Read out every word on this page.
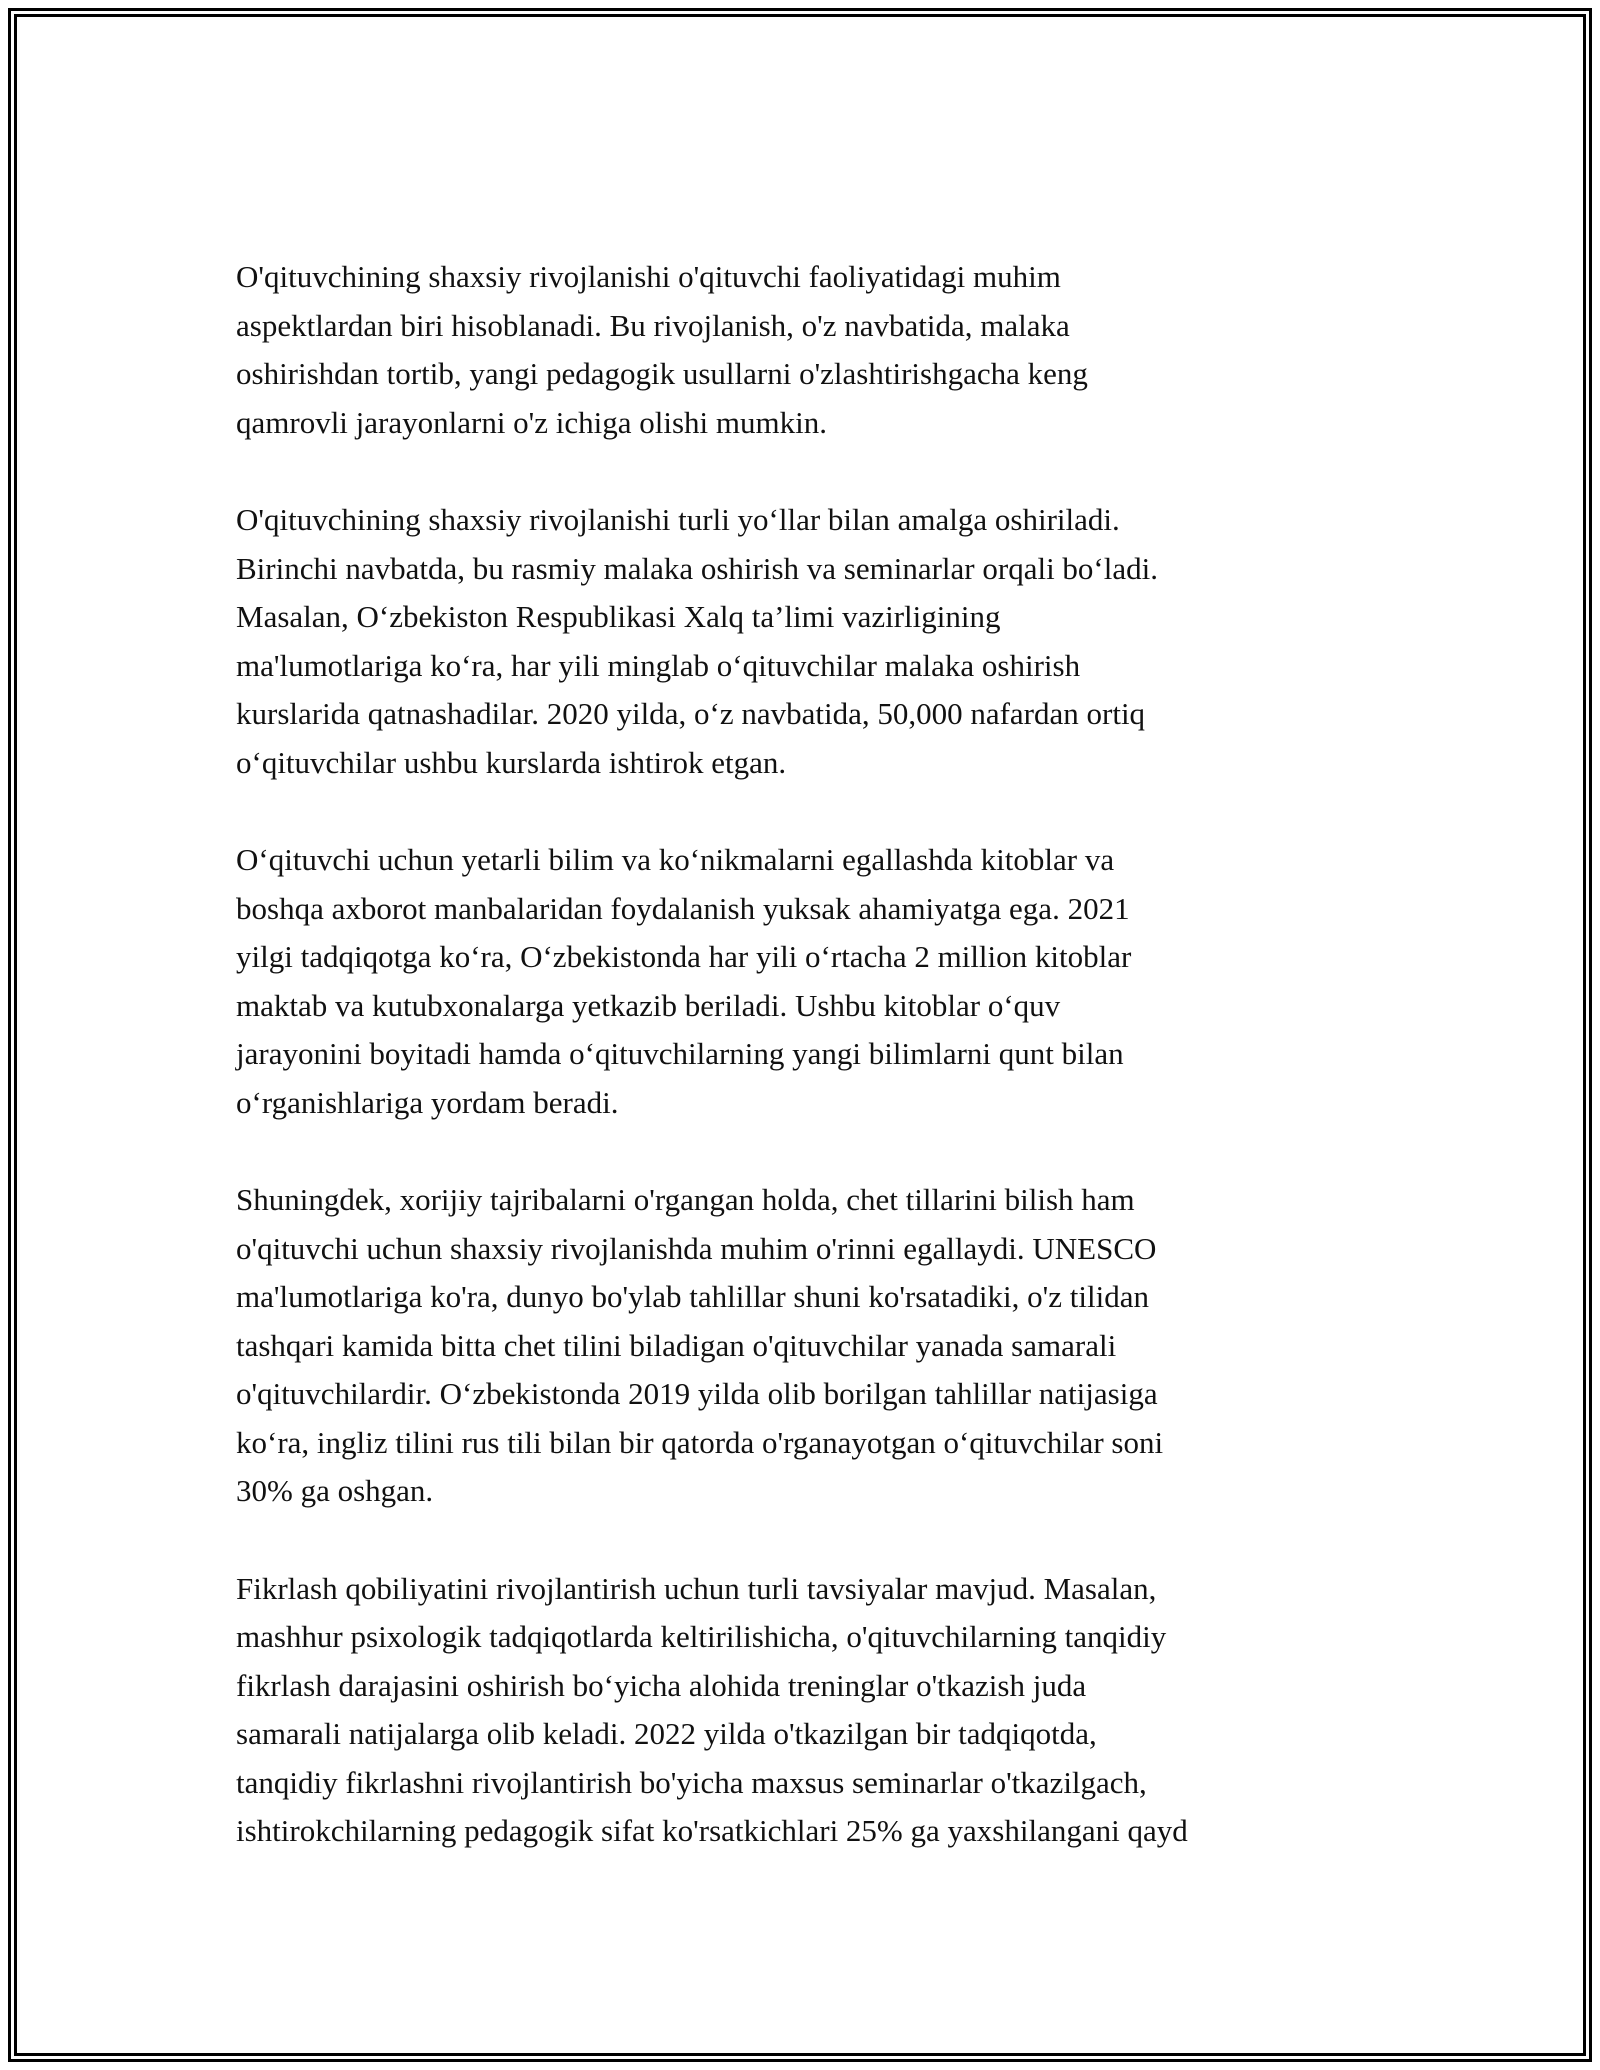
O'qituvchining shaxsiy rivojlanishi o'qituvchi faoliyatidagi muhim
aspektlardan biri hisoblanadi. Bu rivojlanish, o'z navbatida, malaka
oshirishdan tortib, yangi pedagogik usullarni o'zlashtirishgacha keng
qamrovli jarayonlarni o'z ichiga olishi mumkin.

O'qituvchining shaxsiy rivojlanishi turli yo‘llar bilan amalga oshiriladi.
Birinchi navbatda, bu rasmiy malaka oshirish va seminarlar orqali bo‘ladi.
Masalan, O‘zbekiston Respublikasi Xalq ta’limi vazirligining
ma'lumotlariga ko‘ra, har yili minglab o‘qituvchilar malaka oshirish
kurslarida qatnashadilar. 2020 yilda, o‘z navbatida, 50,000 nafardan ortiq
o‘qituvchilar ushbu kurslarda ishtirok etgan.

O‘qituvchi uchun yetarli bilim va ko‘nikmalarni egallashda kitoblar va
boshqa axborot manbalaridan foydalanish yuksak ahamiyatga ega. 2021
yilgi tadqiqotga ko‘ra, O‘zbekistonda har yili o‘rtacha 2 million kitoblar
maktab va kutubxonalarga yetkazib beriladi. Ushbu kitoblar o‘quv
jarayonini boyitadi hamda o‘qituvchilarning yangi bilimlarni qunt bilan
o‘rganishlariga yordam beradi.

Shuningdek, xorijiy tajribalarni o'rgangan holda, chet tillarini bilish ham
o'qituvchi uchun shaxsiy rivojlanishda muhim o'rinni egallaydi. UNESCO
ma'lumotlariga ko'ra, dunyo bo'ylab tahlillar shuni ko'rsatadiki, o'z tilidan
tashqari kamida bitta chet tilini biladigan o'qituvchilar yanada samarali
o'qituvchilardir. O‘zbekistonda 2019 yilda olib borilgan tahlillar natijasiga
ko‘ra, ingliz tilini rus tili bilan bir qatorda o'rganayotgan o‘qituvchilar soni
30% ga oshgan.

Fikrlash qobiliyatini rivojlantirish uchun turli tavsiyalar mavjud. Masalan,
mashhur psixologik tadqiqotlarda keltirilishicha, o'qituvchilarning tanqidiy
fikrlash darajasini oshirish bo‘yicha alohida treninglar o'tkazish juda
samarali natijalarga olib keladi. 2022 yilda o'tkazilgan bir tadqiqotda,
tanqidiy fikrlashni rivojlantirish bo'yicha maxsus seminarlar o'tkazilgach,
ishtirokchilarning pedagogik sifat ko'rsatkichlari 25% ga yaxshilangani qayd
